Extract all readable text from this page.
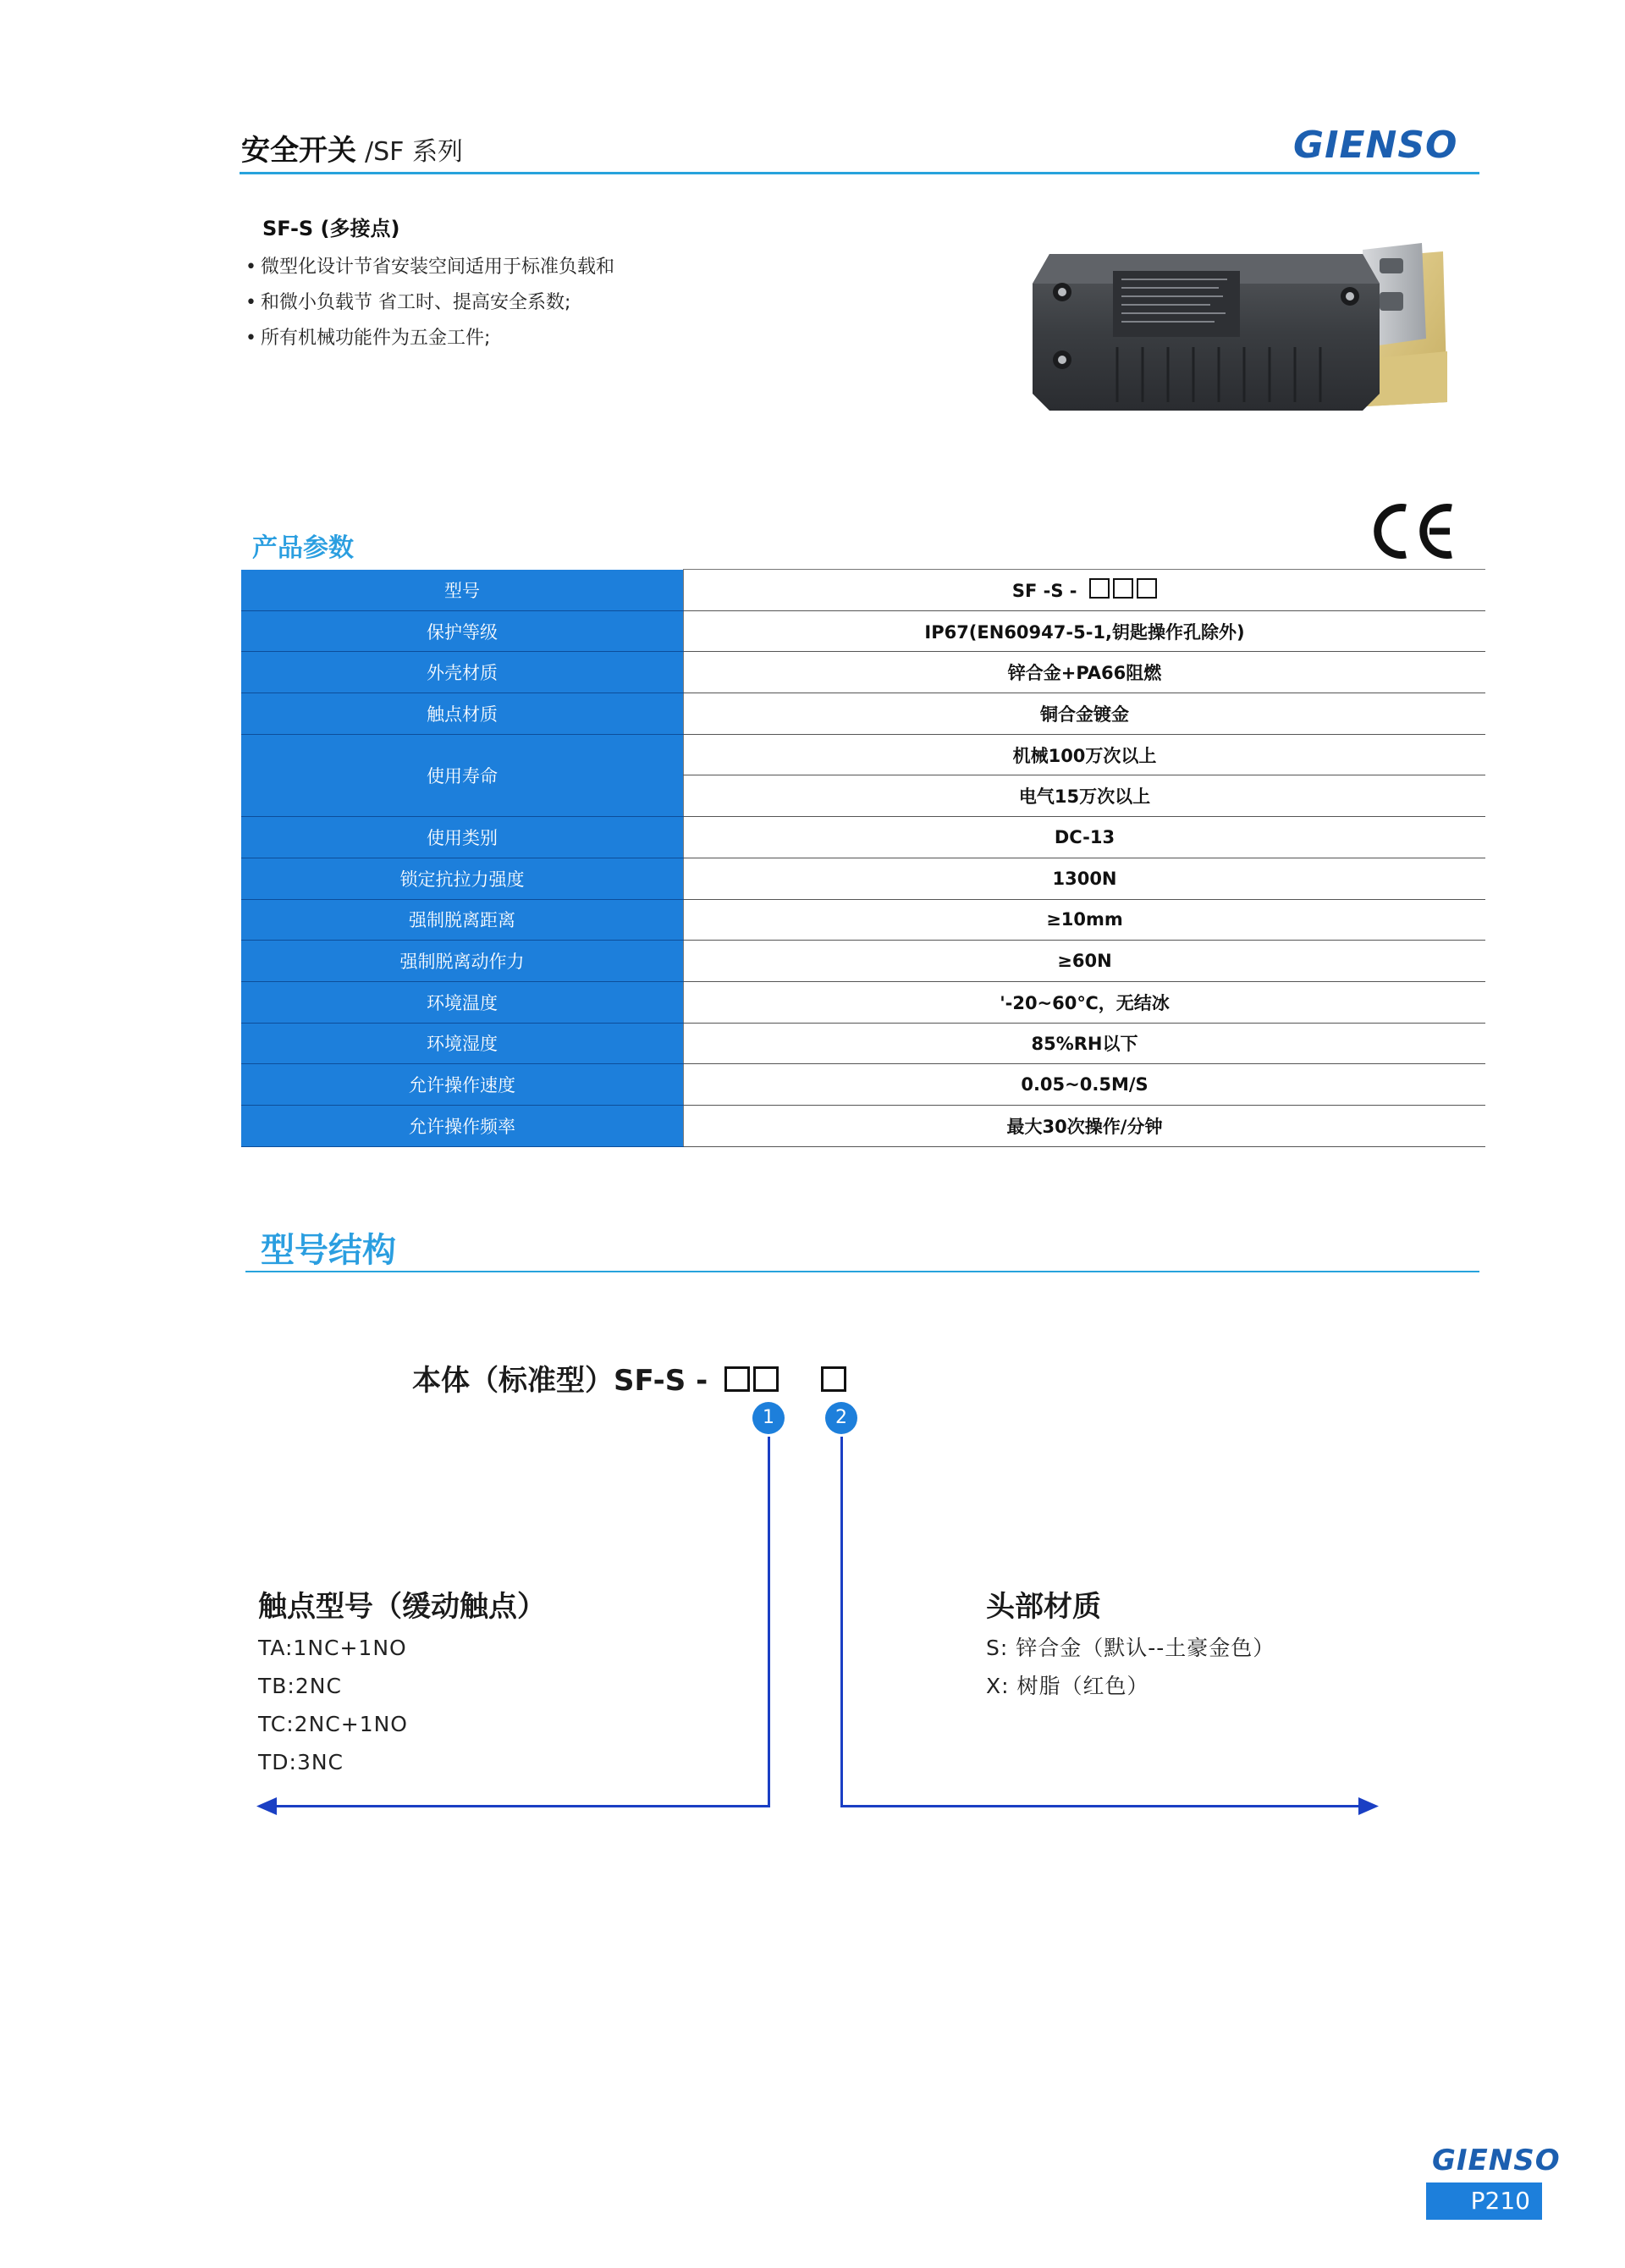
安全开关 /SF 系列	GIENSO
SF-S (多接点)
• 微型化设计节省安装空间适用于标准负载和
• 和微小负载节 省工时、提高安全系数;
• 所有机械功能件为五金工件;
产品参数
型号	SF -S -
保护等级	IP67(EN60947-5-1,钥匙操作孔除外)
外壳材质	锌合金+PA66阻燃
触点材质	铜合金镀金
使用寿命	机械100万次以上
	电气15万次以上
使用类别	DC-13
锁定抗拉力强度	1300N
强制脱离距离	≥10mm
强制脱离动作力	≥60N
环境温度	'-20~60℃，无结冰
环境湿度	85%RH以下
允许操作速度	0.05~0.5M/S
允许操作频率	最大30次操作/分钟
型号结构
本体（标准型）SF-S -
1	2
触点型号（缓动触点）
TA:1NC+1NO
TB:2NC
TC:2NC+1NO
TD:3NC
头部材质
S: 锌合金（默认--土豪金色）
X: 树脂（红色）
GIENSO
P210
